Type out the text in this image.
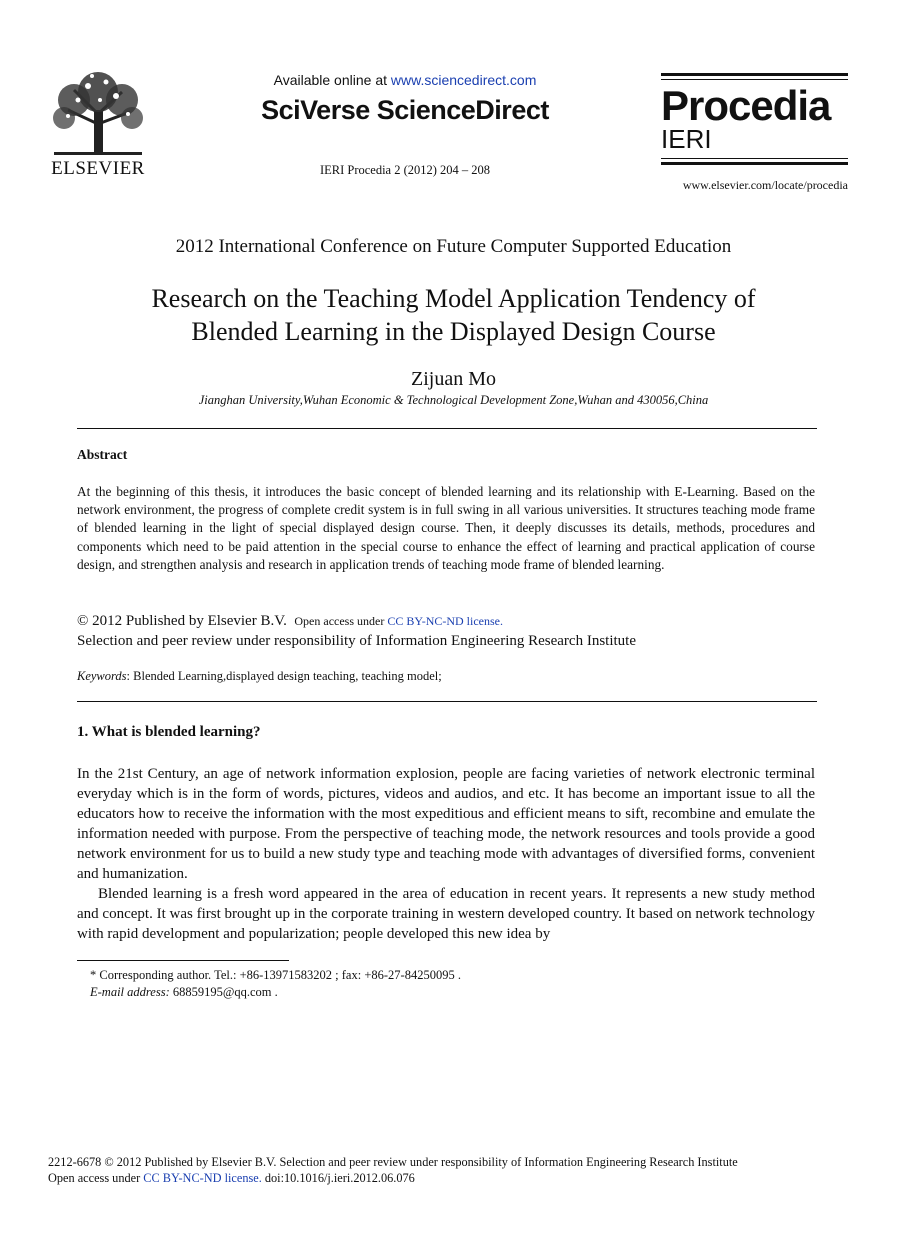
ELSEVIER
Available online at www.sciencedirect.com
SciVerse ScienceDirect
IERI Procedia 2 (2012) 204 – 208
Procedia
IERI
www.elsevier.com/locate/procedia
2012 International Conference on Future Computer Supported Education
Research on the Teaching Model Application Tendency of
Blended Learning in the Displayed Design Course
Zijuan Mo
Jianghan University,Wuhan Economic & Technological Development Zone,Wuhan and 430056,China
Abstract
At the beginning of this thesis, it introduces the basic concept of blended learning and its relationship with E-Learning. Based on the network environment, the progress of complete credit system is in full swing in all various universities. It structures teaching mode frame of blended learning in the light of special displayed design course. Then, it deeply discusses its details, methods, procedures and components which need to be paid attention in the special course to enhance the effect of learning and practical application of course design, and strengthen analysis and research in application trends of teaching mode frame of blended learning.
© 2012 Published by Elsevier B.V. Open access under CC BY-NC-ND license.
Selection and peer review under responsibility of Information Engineering Research Institute
Keywords: Blended Learning,displayed design teaching, teaching model;
1. What is blended learning?
In the 21st Century, an age of network information explosion, people are facing varieties of network electronic terminal everyday which is in the form of words, pictures, videos and audios, and etc. It has become an important issue to all the educators how to receive the information with the most expeditious and efficient means to sift, recombine and emulate the information needed with purpose. From the perspective of teaching mode, the network resources and tools provide a good network environment for us to build a new study type and teaching mode with advantages of diversified forms, convenient and humanization.
Blended learning is a fresh word appeared in the area of education in recent years. It represents a new study method and concept. It was first brought up in the corporate training in western developed country. It based on network technology with rapid development and popularization; people developed this new idea by
* Corresponding author. Tel.: +86-13971583202 ; fax: +86-27-84250095 .
E-mail address: 68859195@qq.com .
2212-6678 © 2012 Published by Elsevier B.V. Selection and peer review under responsibility of Information Engineering Research Institute
Open access under CC BY-NC-ND license. doi:10.1016/j.ieri.2012.06.076
